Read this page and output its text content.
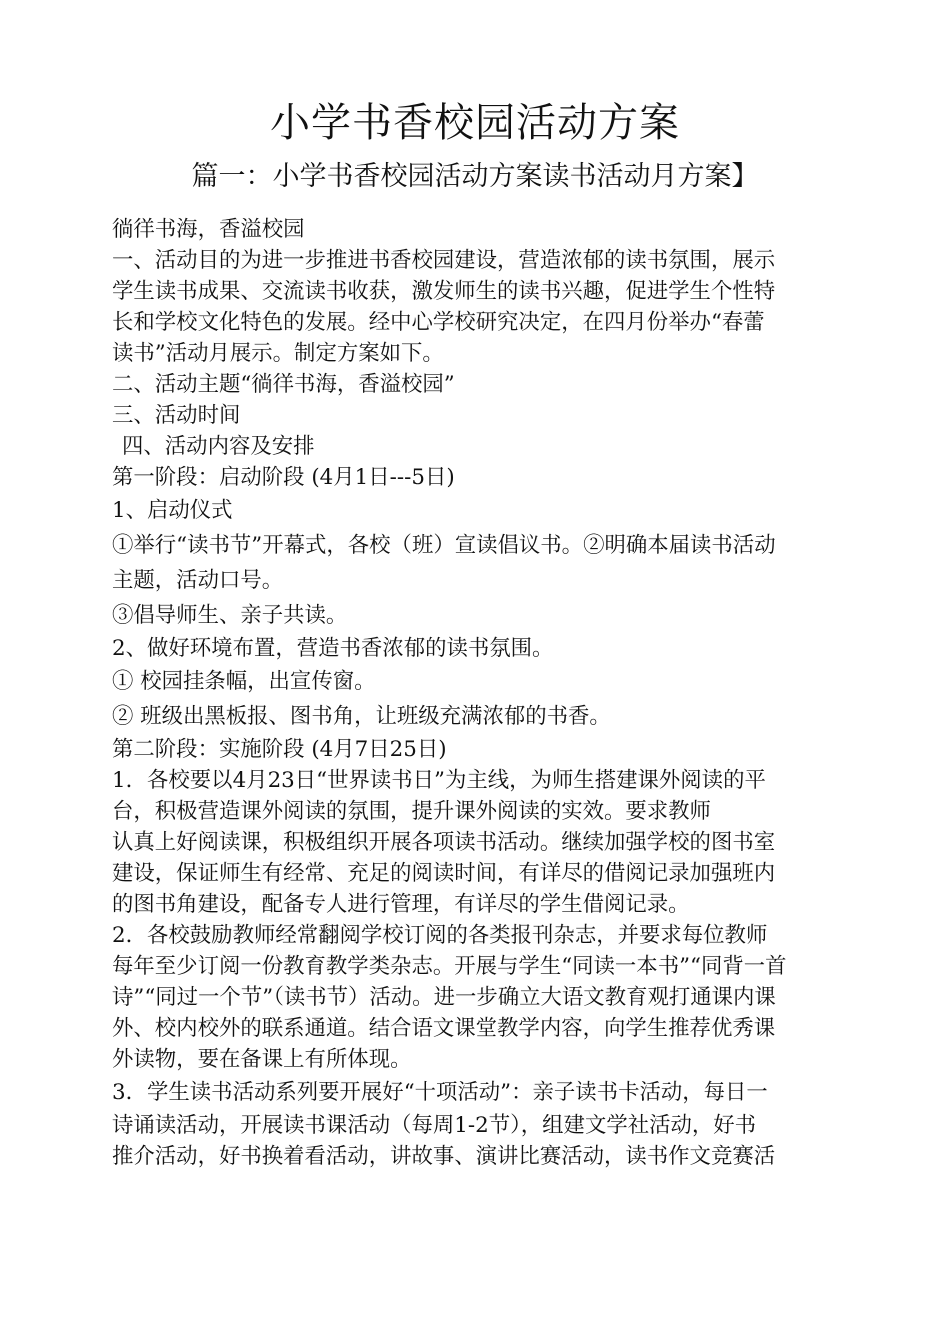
小学书香校园活动方案
篇一：小学书香校园活动方案读书活动月方案】
徜徉书海，香溢校园
一、活动目的为进一步推进书香校园建设，营造浓郁的读书氛围，展示
学生读书成果、交流读书收获，激发师生的读书兴趣，促进学生个性特
长和学校文化特色的发展。经中心学校研究决定，在四月份举办“春蕾
读书”活动月展示。制定方案如下。
二、活动主题“徜徉书海，香溢校园”
三、活动时间
四、活动内容及安排
第一阶段：启动阶段 (4月1日---5日)
1、启动仪式
①举行“读书节”开幕式，各校（班）宣读倡议书。②明确本届读书活动
主题，活动口号。
③倡导师生、亲子共读。
2、做好环境布置，营造书香浓郁的读书氛围。
① 校园挂条幅，出宣传窗。
② 班级出黑板报、图书角，让班级充满浓郁的书香。
第二阶段：实施阶段 (4月7日25日)
1．各校要以4月23日“世界读书日”为主线，为师生搭建课外阅读的平
台，积极营造课外阅读的氛围，提升课外阅读的实效。要求教师
认真上好阅读课，积极组织开展各项读书活动。继续加强学校的图书室
建设，保证师生有经常、充足的阅读时间，有详尽的借阅记录加强班内
的图书角建设，配备专人进行管理，有详尽的学生借阅记录。
2．各校鼓励教师经常翻阅学校订阅的各类报刊杂志，并要求每位教师
每年至少订阅一份教育教学类杂志。开展与学生“同读一本书”“同背一首
诗”“同过一个节”（读书节）活动。进一步确立大语文教育观打通课内课
外、校内校外的联系通道。结合语文课堂教学内容，向学生推荐优秀课
外读物，要在备课上有所体现。
3．学生读书活动系列要开展好“十项活动”：亲子读书卡活动，每日一
诗诵读活动，开展读书课活动（每周1-2节），组建文学社活动，好书
推介活动，好书换着看活动，讲故事、演讲比赛活动，读书作文竞赛活
